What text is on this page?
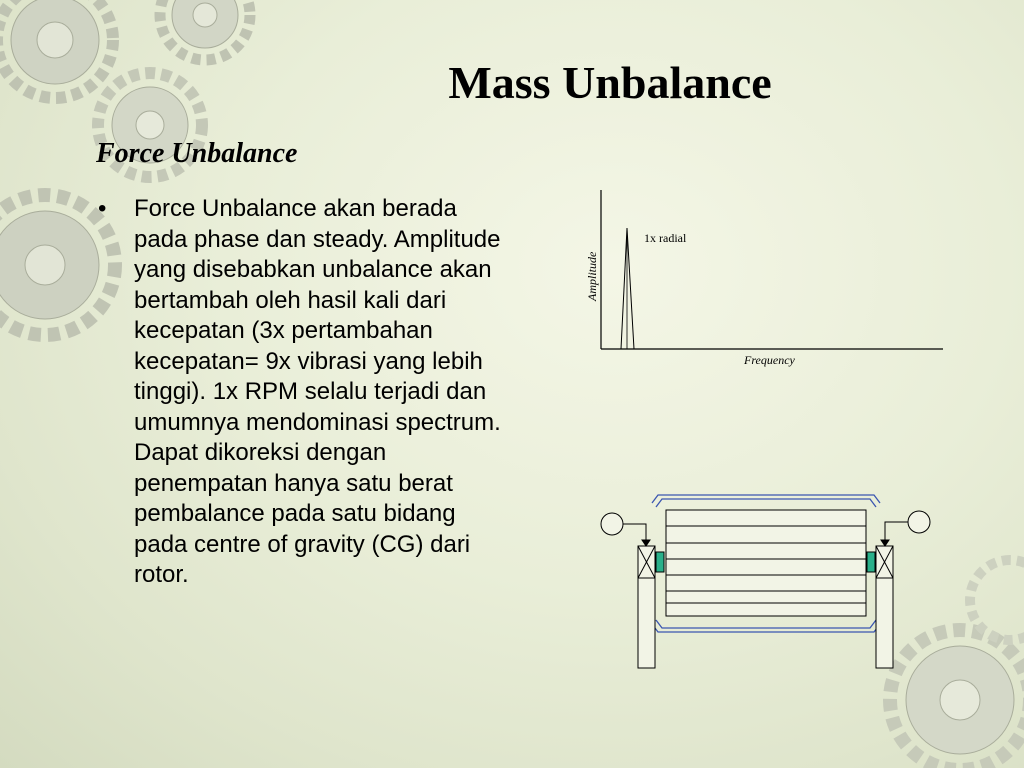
Mass Unbalance
Force Unbalance
• Force Unbalance akan berada pada phase dan steady. Amplitude yang disebabkan unbalance akan bertambah oleh hasil kali dari kecepatan (3x pertambahan kecepatan= 9x vibrasi yang lebih tinggi). 1x RPM selalu terjadi dan umumnya mendominasi spectrum. Dapat dikoreksi dengan penempatan hanya satu berat pembalance pada satu bidang pada centre of gravity (CG) dari rotor.
1x radial
Frequency
Amplitude
